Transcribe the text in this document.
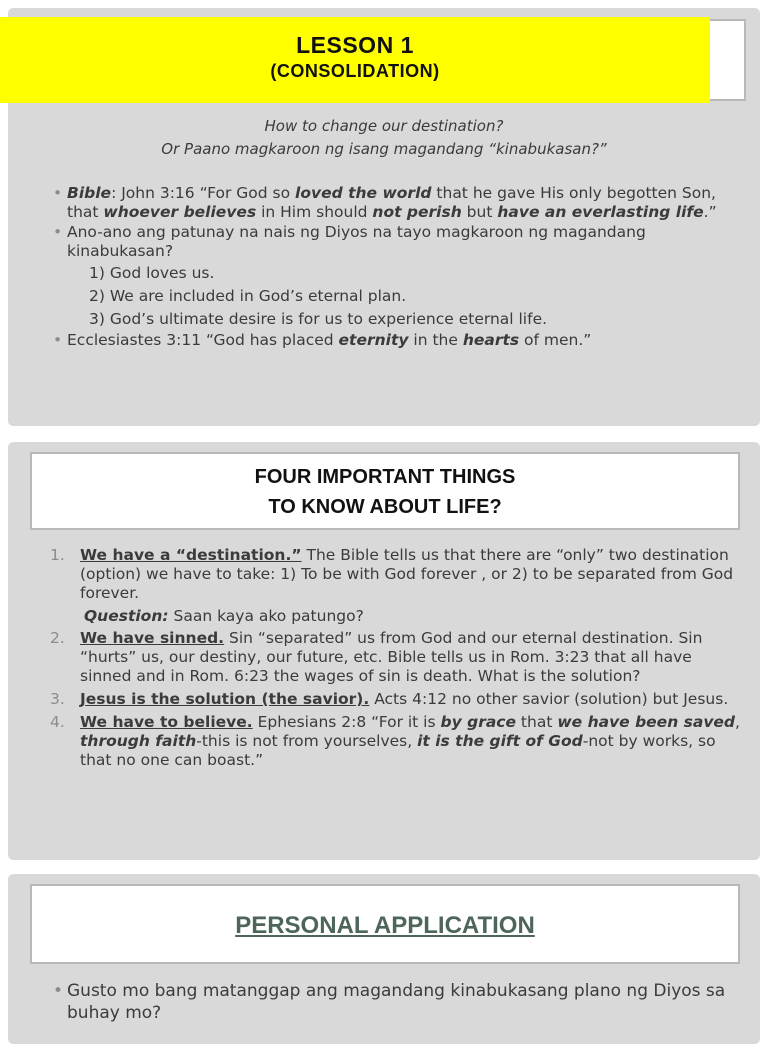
How to change our destination?
Or Paano magkaroon ng isang magandang “kinabukasan?”
• Bible: John 3:16 “For God so loved the world that he gave His only begotten Son, that whoever believes in Him should not perish but have an everlasting life.”
• Ano-ano ang patunay na nais ng Diyos na tayo magkaroon ng magandang kinabukasan?
1) God loves us.
2) We are included in God’s eternal plan.
3) God’s ultimate desire is for us to experience eternal life.
• Ecclesiastes 3:11 “God has placed eternity in the hearts of men.”
LESSON 1
(CONSOLIDATION)
FOUR IMPORTANT THINGS
TO KNOW ABOUT LIFE?
1. We have a “destination.” The Bible tells us that there are “only” two destination (option) we have to take: 1) To be with God forever , or 2) to be separated from God forever.
Question: Saan kaya ako patungo?
2. We have sinned. Sin “separated” us from God and our eternal destination. Sin “hurts” us, our destiny, our future, etc. Bible tells us in Rom. 3:23 that all have sinned and in Rom. 6:23 the wages of sin is death. What is the solution?
3. Jesus is the solution (the savior). Acts 4:12 no other savior (solution) but Jesus.
4. We have to believe. Ephesians 2:8 “For it is by grace that we have been saved, through faith-this is not from yourselves, it is the gift of God-not by works, so that no one can boast.”
PERSONAL APPLICATION
• Gusto mo bang matanggap ang magandang kinabukasang plano ng Diyos sa buhay mo?
